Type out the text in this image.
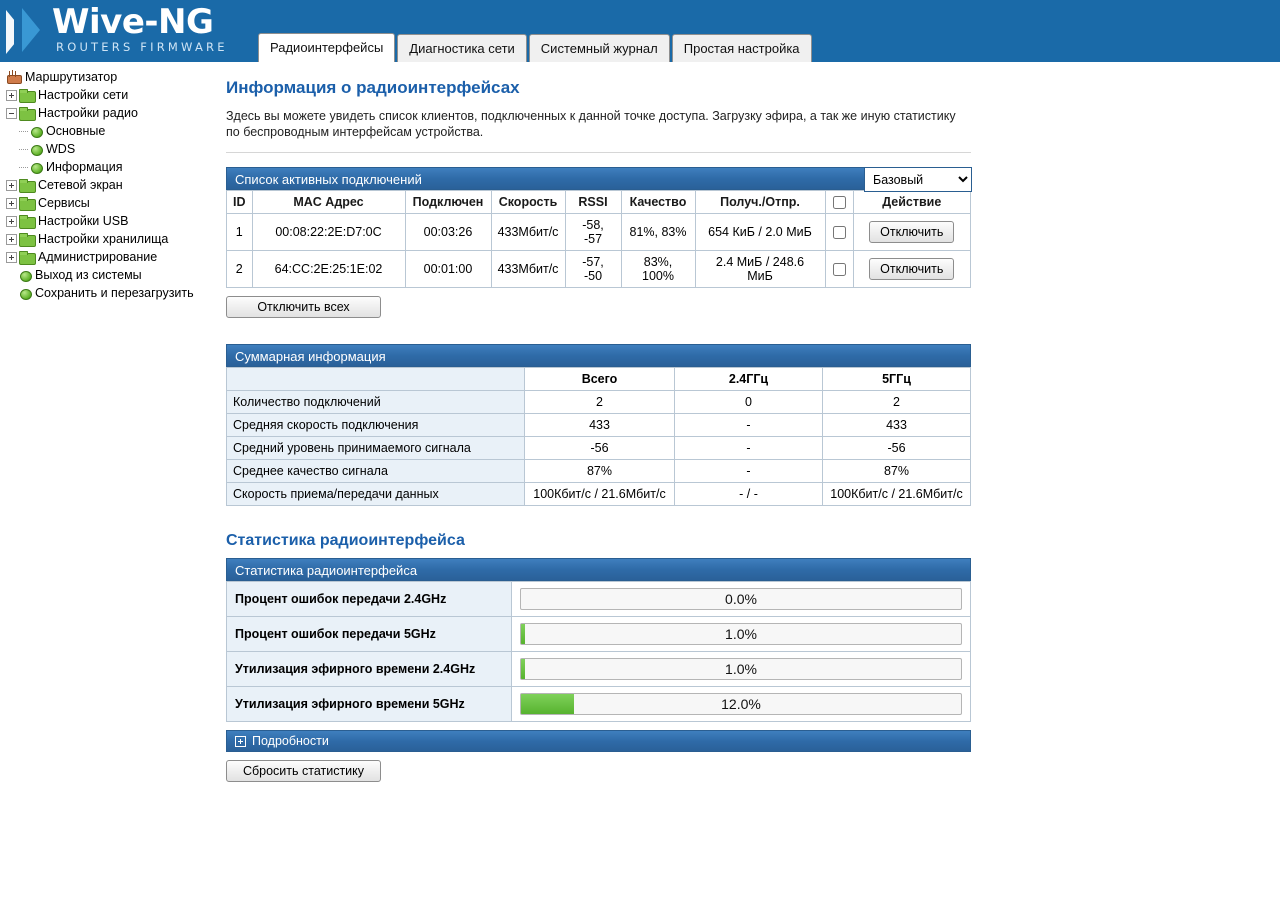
Wive-NG
ROUTERS FIRMWARE	Радиоинтерфейсы	Диагностика сети	Системный журнал	Простая настройка
Маршрутизатор
Настройки сети
Настройки радио
Основные
WDS
Информация
Сетевой экран
Сервисы
Настройки USB
Настройки хранилища
Администрирование
Выход из системы
Сохранить и перезагрузить
Информация о радиоинтерфейсах

Здесь вы можете увидеть список клиентов, подключенных к данной точке доступа. Загрузку эфира, а так же иную статистику по беспроводным интерфейсам устройства.

Список активных подключений
Базовый
ID	MAC Адрес	Подключен	Скорость	RSSI	Качество	Получ./Отпр.		Действие
1	00:08:22:2E:D7:0C	00:03:26	433Мбит/с	-58, -57	81%, 83%	654 КиБ / 2.0 МиБ		Отключить
2	64:CC:2E:25:1E:02	00:01:00	433Мбит/с	-57, -50	83%, 100%	2.4 МиБ / 248.6 МиБ		Отключить
Отключить всех
Суммарная информация
	Всего	2.4ГГц	5ГГц
Количество подключений	2	0	2
Средняя скорость подключения	433	-	433
Средний уровень принимаемого сигнала	-56	-	-56
Среднее качество сигнала	87%	-	87%
Скорость приема/передачи данных	100Кбит/с / 21.6Мбит/с	- / -	100Кбит/с / 21.6Мбит/с
Статистика радиоинтерфейса
Статистика радиоинтерфейса
Процент ошибок передачи 2.4GHz	0.0%

Процент ошибок передачи 5GHz	1.0%

Утилизация эфирного времени 2.4GHz	1.0%

Утилизация эфирного времени 5GHz	12.0%
Подробности
Сбросить статистику
